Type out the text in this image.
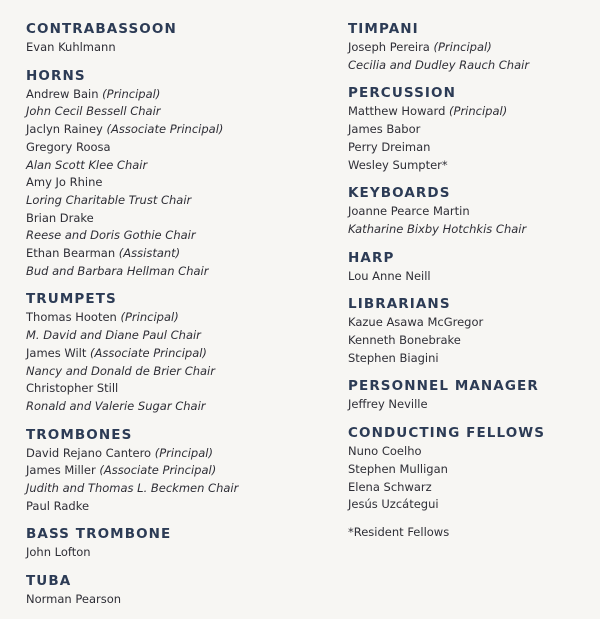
CONTRABASSOON
Evan Kuhlmann
HORNS
Andrew Bain (Principal)
John Cecil Bessell Chair
Jaclyn Rainey (Associate Principal)
Gregory Roosa
Alan Scott Klee Chair
Amy Jo Rhine
Loring Charitable Trust Chair
Brian Drake
Reese and Doris Gothie Chair
Ethan Bearman (Assistant)
Bud and Barbara Hellman Chair
TRUMPETS
Thomas Hooten (Principal)
M. David and Diane Paul Chair
James Wilt (Associate Principal)
Nancy and Donald de Brier Chair
Christopher Still
Ronald and Valerie Sugar Chair
TROMBONES
David Rejano Cantero (Principal)
James Miller (Associate Principal)
Judith and Thomas L. Beckmen Chair
Paul Radke
BASS TROMBONE
John Lofton
TUBA
Norman Pearson
TIMPANI
Joseph Pereira (Principal)
Cecilia and Dudley Rauch Chair
PERCUSSION
Matthew Howard (Principal)
James Babor
Perry Dreiman
Wesley Sumpter*
KEYBOARDS
Joanne Pearce Martin
Katharine Bixby Hotchkis Chair
HARP
Lou Anne Neill
LIBRARIANS
Kazue Asawa McGregor
Kenneth Bonebrake
Stephen Biagini
PERSONNEL MANAGER
Jeffrey Neville
CONDUCTING FELLOWS
Nuno Coelho
Stephen Mulligan
Elena Schwarz
Jesús Uzcátegui
*Resident Fellows
